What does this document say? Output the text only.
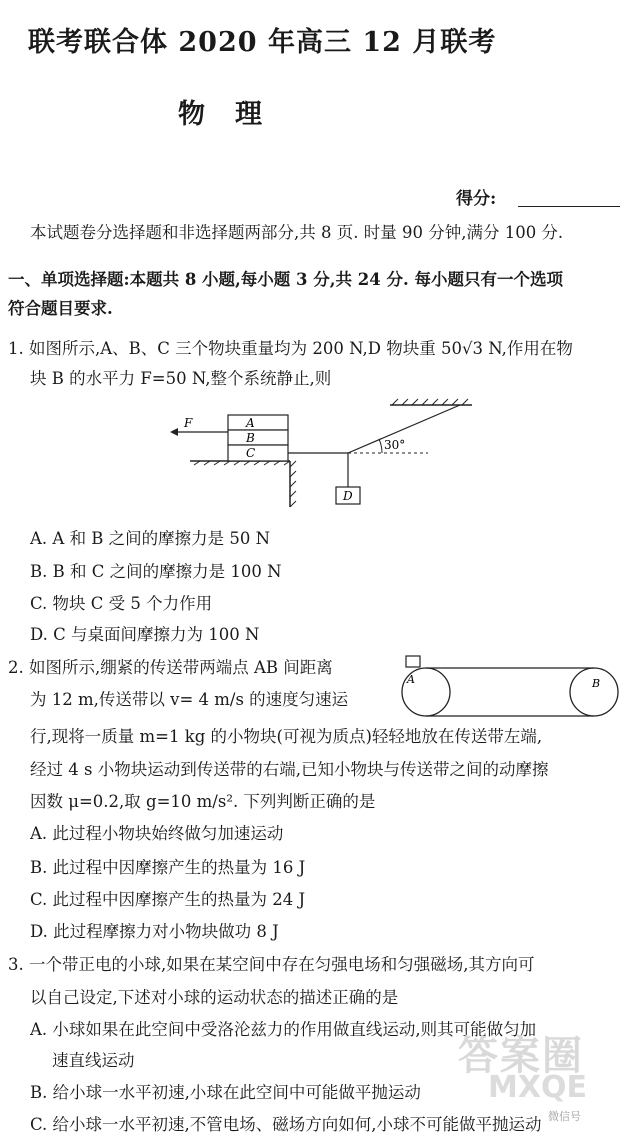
联考联合体 2020 年高三 12 月联考
物理
得分:
本试题卷分选择题和非选择题两部分,共 8 页. 时量 90 分钟,满分 100 分.
一、单项选择题:本题共 8 小题,每小题 3 分,共 24 分. 每小题只有一个选项
符合题目要求.
1. 如图所示,A、B、C 三个物块重量均为 200 N,D 物块重 50√3 N,作用在物
块 B 的水平力 F=50 N,整个系统静止,则
A
B
C
F
30°
D
A. A 和 B 之间的摩擦力是 50 N
B. B 和 C 之间的摩擦力是 100 N
C. 物块 C 受 5 个力作用
D. C 与桌面间摩擦力为 100 N
2. 如图所示,绷紧的传送带两端点 AB 间距离
为 12 m,传送带以 v= 4 m/s 的速度匀速运
A	B
行,现将一质量 m=1 kg 的小物块(可视为质点)轻轻地放在传送带左端,
经过 4 s 小物块运动到传送带的右端,已知小物块与传送带之间的动摩擦
因数 μ=0.2,取 g=10 m/s². 下列判断正确的是
A. 此过程小物块始终做匀加速运动
B. 此过程中因摩擦产生的热量为 16 J
C. 此过程中因摩擦产生的热量为 24 J
D. 此过程摩擦力对小物块做功 8 J
3. 一个带正电的小球,如果在某空间中存在匀强电场和匀强磁场,其方向可
以自己设定,下述对小球的运动状态的描述正确的是
A. 小球如果在此空间中受洛沦兹力的作用做直线运动,则其可能做匀加
速直线运动
B. 给小球一水平初速,小球在此空间中可能做平抛运动
C. 给小球一水平初速,不管电场、磁场方向如何,小球不可能做平抛运动
答案圈
MXQE
微信号
